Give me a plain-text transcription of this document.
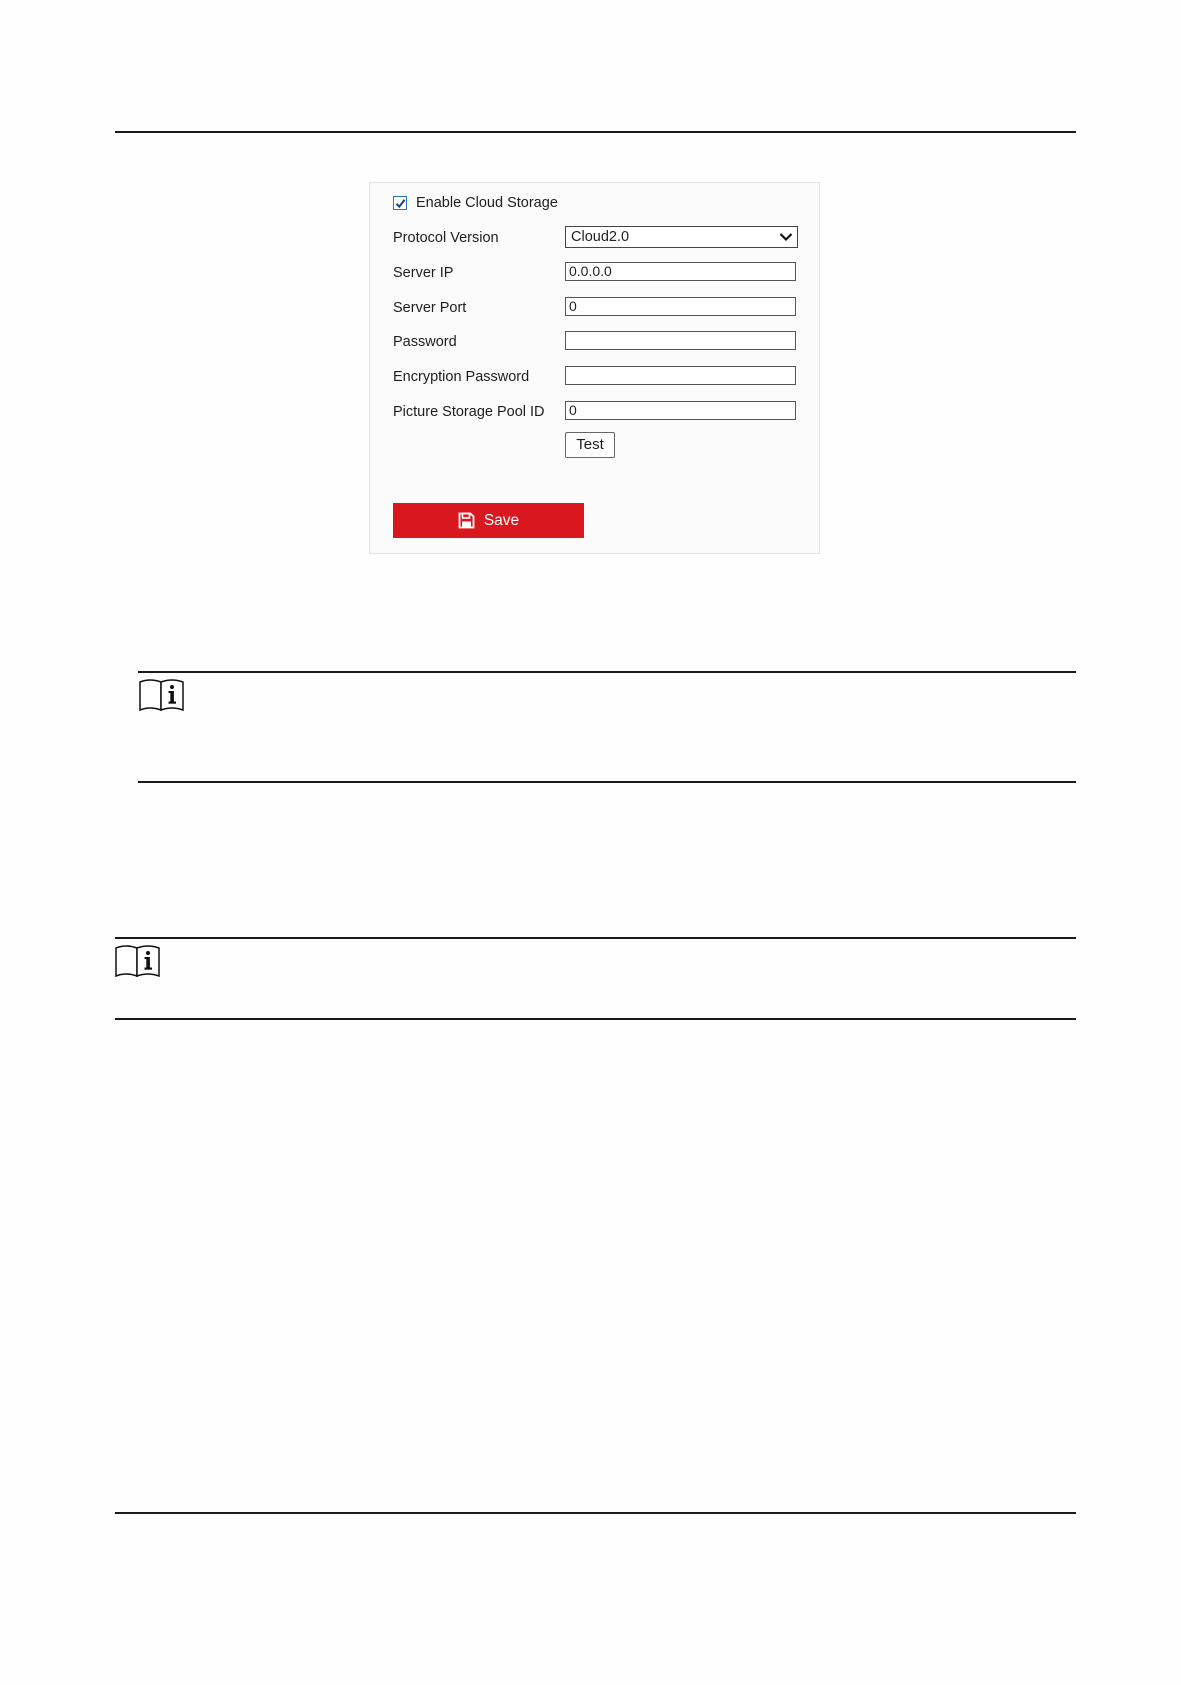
Enable Cloud Storage
Protocol Version	Cloud2.0
Server IP	0.0.0.0
Server Port	0
Password
Encryption Password
Picture Storage Pool ID 0
Test
Save
